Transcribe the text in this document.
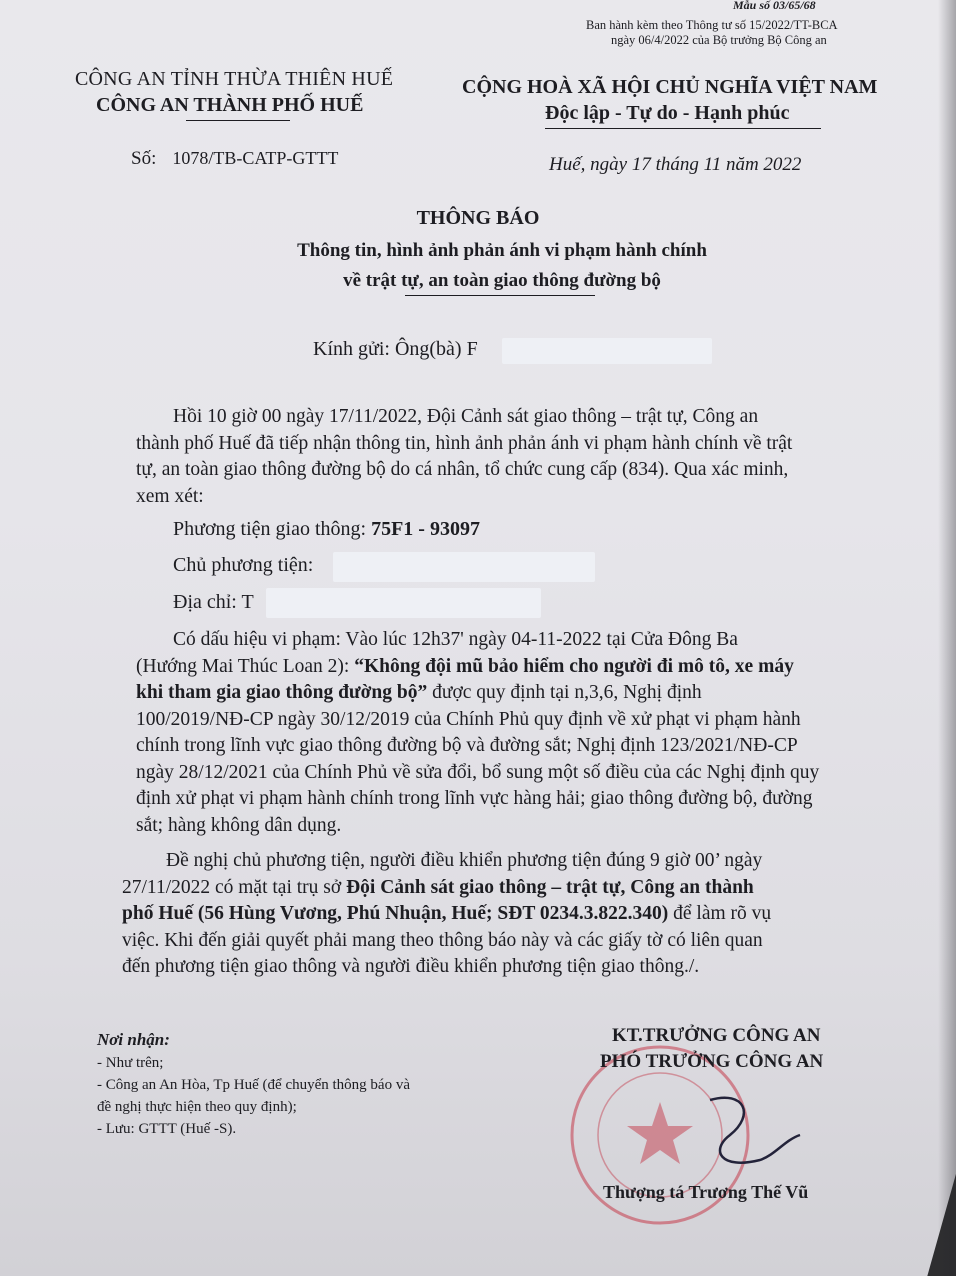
Mẫu số 03/65/68
Ban hành kèm theo Thông tư số 15/2022/TT-BCA
ngày 06/4/2022 của Bộ trưởng Bộ Công an
CÔNG AN TỈNH THỪA THIÊN HUẾ
CÔNG AN THÀNH PHỐ HUẾ
CỘNG HOÀ XÃ HỘI CHỦ NGHĨA VIỆT NAM
Độc lập - Tự do - Hạnh phúc
Số: 1078/TB-CATP-GTTT	Huế, ngày 17 tháng 11 năm 2022
THÔNG BÁO
Thông tin, hình ảnh phản ánh vi phạm hành chính
về trật tự, an toàn giao thông đường bộ
Kính gửi: Ông(bà) F
Hồi 10 giờ 00 ngày 17/11/2022, Đội Cảnh sát giao thông – trật tự, Công an
thành phố Huế đã tiếp nhận thông tin, hình ảnh phản ánh vi phạm hành chính về trật
tự, an toàn giao thông đường bộ do cá nhân, tổ chức cung cấp (834). Qua xác minh,
xem xét:
Phương tiện giao thông: 75F1 - 93097
Chủ phương tiện:
Địa chỉ: T
Có dấu hiệu vi phạm: Vào lúc 12h37' ngày 04-11-2022 tại Cửa Đông Ba
(Hướng Mai Thúc Loan 2): “Không đội mũ bảo hiểm cho người đi mô tô, xe máy
khi tham gia giao thông đường bộ” được quy định tại n,3,6, Nghị định
100/2019/NĐ-CP ngày 30/12/2019 của Chính Phủ quy định về xử phạt vi phạm hành
chính trong lĩnh vực giao thông đường bộ và đường sắt; Nghị định 123/2021/NĐ-CP
ngày 28/12/2021 của Chính Phủ về sửa đổi, bổ sung một số điều của các Nghị định quy
định xử phạt vi phạm hành chính trong lĩnh vực hàng hải; giao thông đường bộ, đường
sắt; hàng không dân dụng.
Đề nghị chủ phương tiện, người điều khiển phương tiện đúng 9 giờ 00’ ngày
27/11/2022 có mặt tại trụ sở Đội Cảnh sát giao thông – trật tự, Công an thành
phố Huế (56 Hùng Vương, Phú Nhuận, Huế; SĐT 0234.3.822.340) để làm rõ vụ
việc. Khi đến giải quyết phải mang theo thông báo này và các giấy tờ có liên quan
đến phương tiện giao thông và người điều khiển phương tiện giao thông./.
Nơi nhận:
- Như trên;
- Công an An Hòa, Tp Huế (để chuyển thông báo và
đề nghị thực hiện theo quy định);
- Lưu: GTTT (Huế -S).
KT.TRƯỞNG CÔNG AN
PHÓ TRƯỞNG CÔNG AN
Thượng tá Trương Thế Vũ
